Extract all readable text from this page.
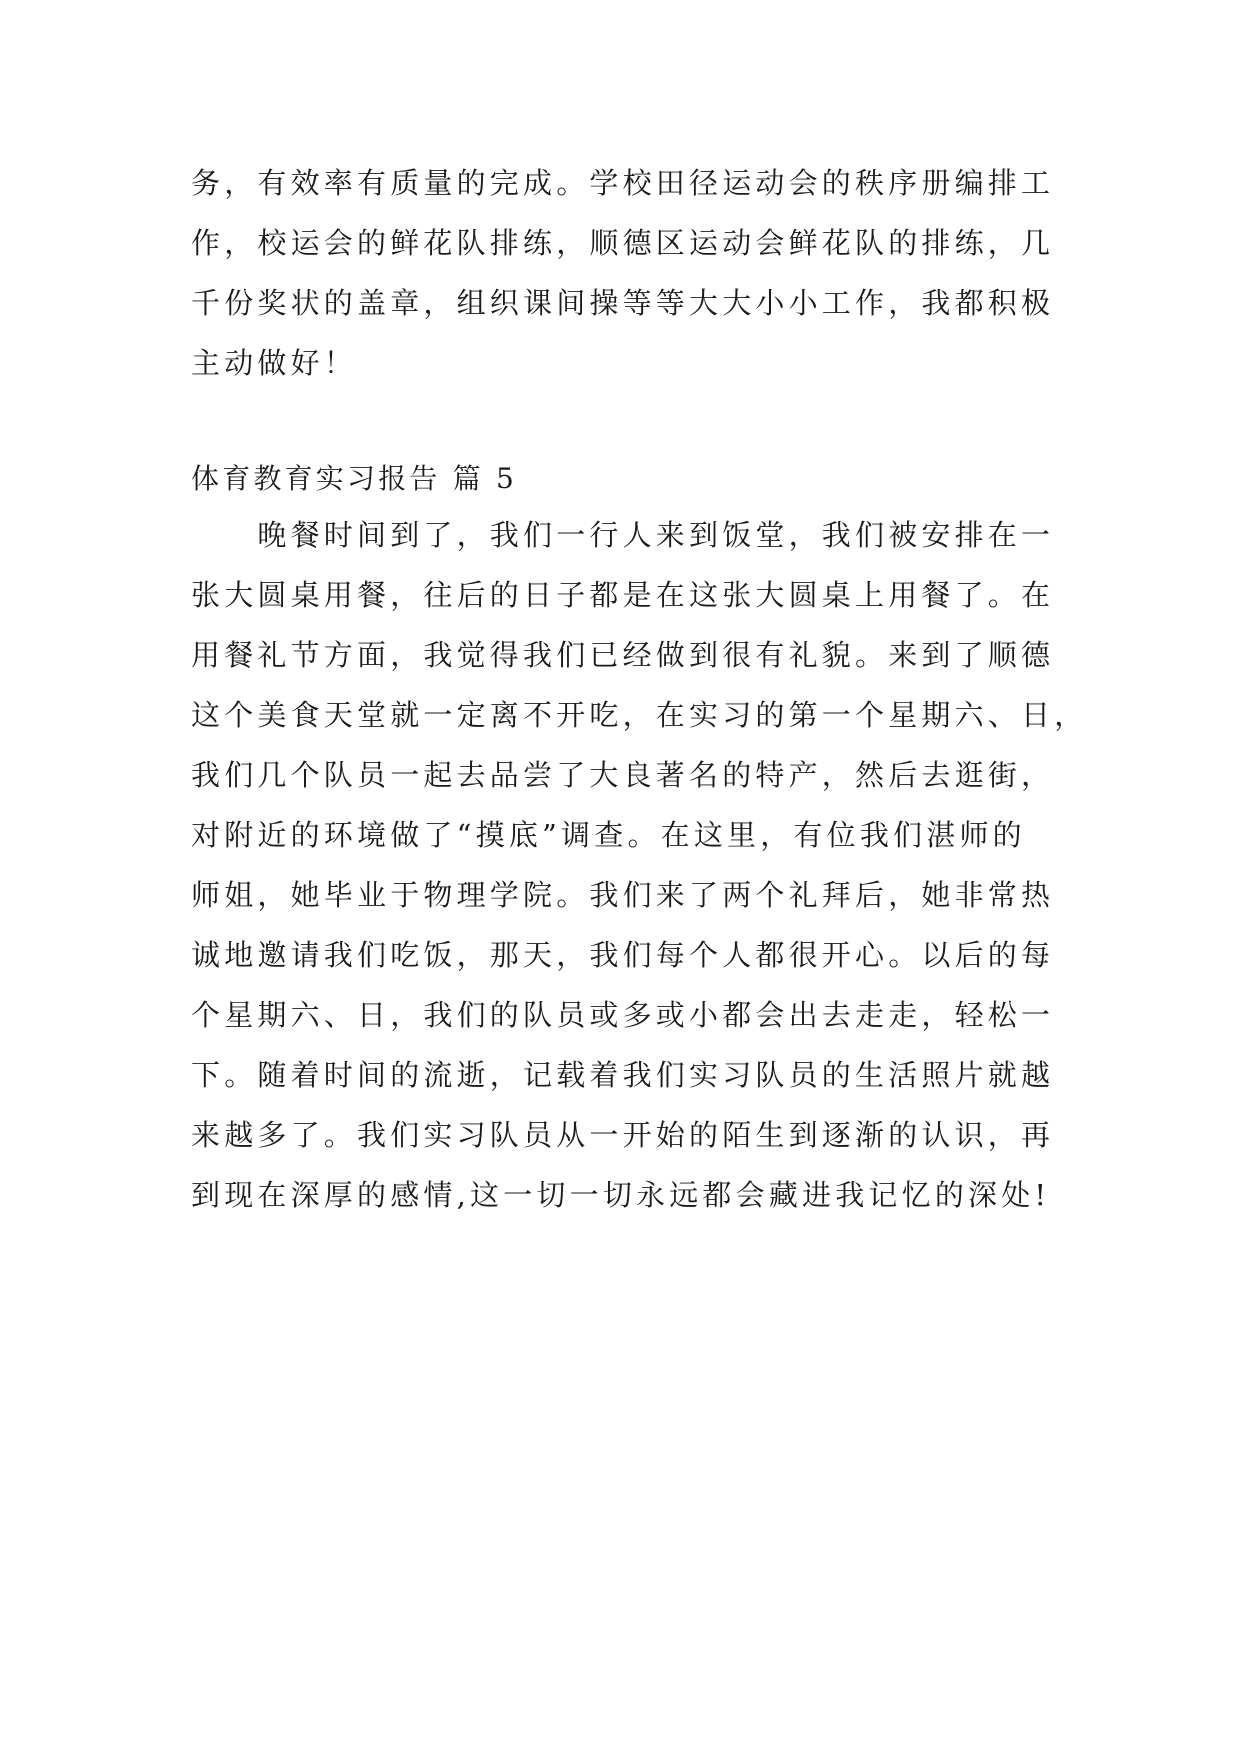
务，有效率有质量的完成。学校田径运动会的秩序册编排工
作，校运会的鲜花队排练，顺德区运动会鲜花队的排练，几
千份奖状的盖章，组织课间操等等大大小小工作，我都积极
主动做好！
体育教育实习报告 篇 5
　　晚餐时间到了，我们一行人来到饭堂，我们被安排在一
张大圆桌用餐，往后的日子都是在这张大圆桌上用餐了。在
用餐礼节方面，我觉得我们已经做到很有礼貌。来到了顺德
这个美食天堂就一定离不开吃，在实习的第一个星期六、日，
我们几个队员一起去品尝了大良著名的特产，然后去逛街，
对附近的环境做了“摸底”调查。在这里，有位我们湛师的
师姐，她毕业于物理学院。我们来了两个礼拜后，她非常热
诚地邀请我们吃饭，那天，我们每个人都很开心。以后的每
个星期六、日，我们的队员或多或小都会出去走走，轻松一
下。随着时间的流逝，记载着我们实习队员的生活照片就越
来越多了。我们实习队员从一开始的陌生到逐渐的认识，再
到现在深厚的感情,这一切一切永远都会藏进我记忆的深处!
